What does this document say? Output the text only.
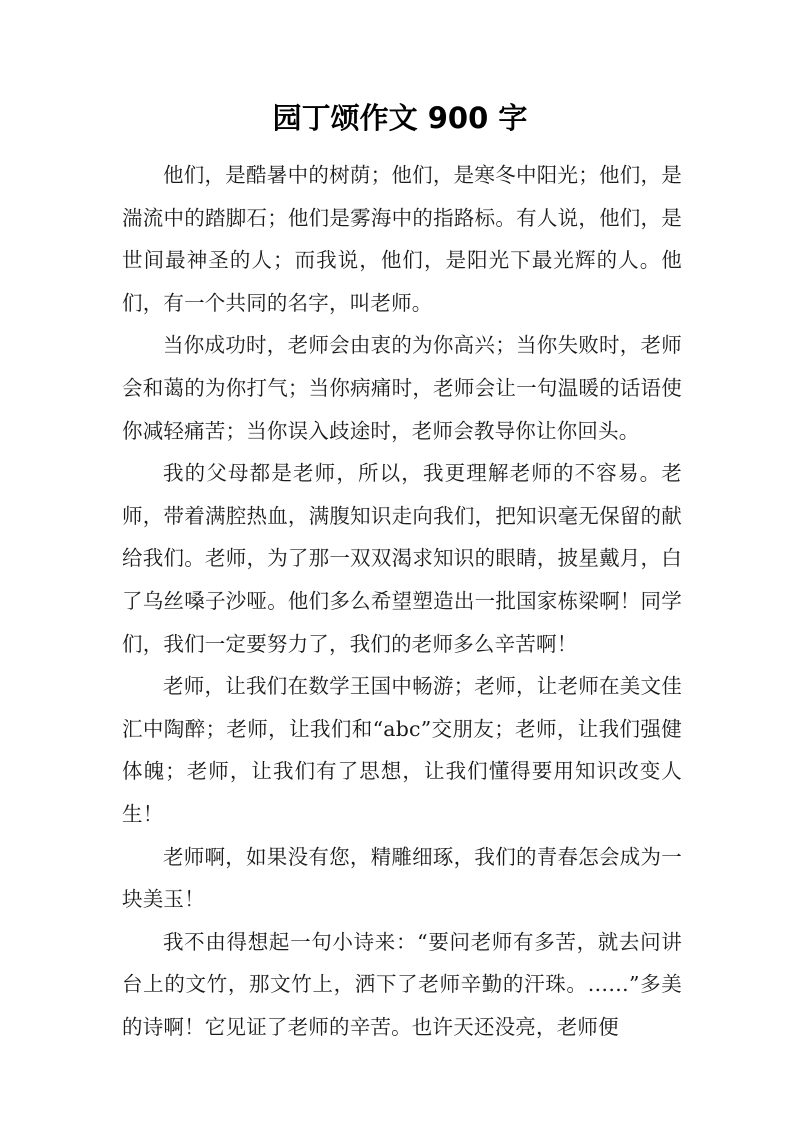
园丁颂作文 900 字

他们，是酷暑中的树荫；他们，是寒冬中阳光；他们，是湍流中的踏脚石；他们是雾海中的指路标。有人说，他们，是世间最神圣的人；而我说，他们，是阳光下最光辉的人。他们，有一个共同的名字，叫老师。

当你成功时，老师会由衷的为你高兴；当你失败时，老师会和蔼的为你打气；当你病痛时，老师会让一句温暖的话语使你减轻痛苦；当你误入歧途时，老师会教导你让你回头。

我的父母都是老师，所以，我更理解老师的不容易。老师，带着满腔热血，满腹知识走向我们，把知识毫无保留的献给我们。老师，为了那一双双渴求知识的眼睛，披星戴月，白了乌丝嗓子沙哑。他们多么希望塑造出一批国家栋梁啊！同学们，我们一定要努力了，我们的老师多么辛苦啊！

老师，让我们在数学王国中畅游；老师，让老师在美文佳汇中陶醉；老师，让我们和“abc”交朋友；老师，让我们强健体魄；老师，让我们有了思想，让我们懂得要用知识改变人生！

老师啊，如果没有您，精雕细琢，我们的青春怎会成为一块美玉！

我不由得想起一句小诗来：“要问老师有多苦，就去问讲台上的文竹，那文竹上，洒下了老师辛勤的汗珠。……”多美的诗啊！它见证了老师的辛苦。也许天还没亮，老师便
